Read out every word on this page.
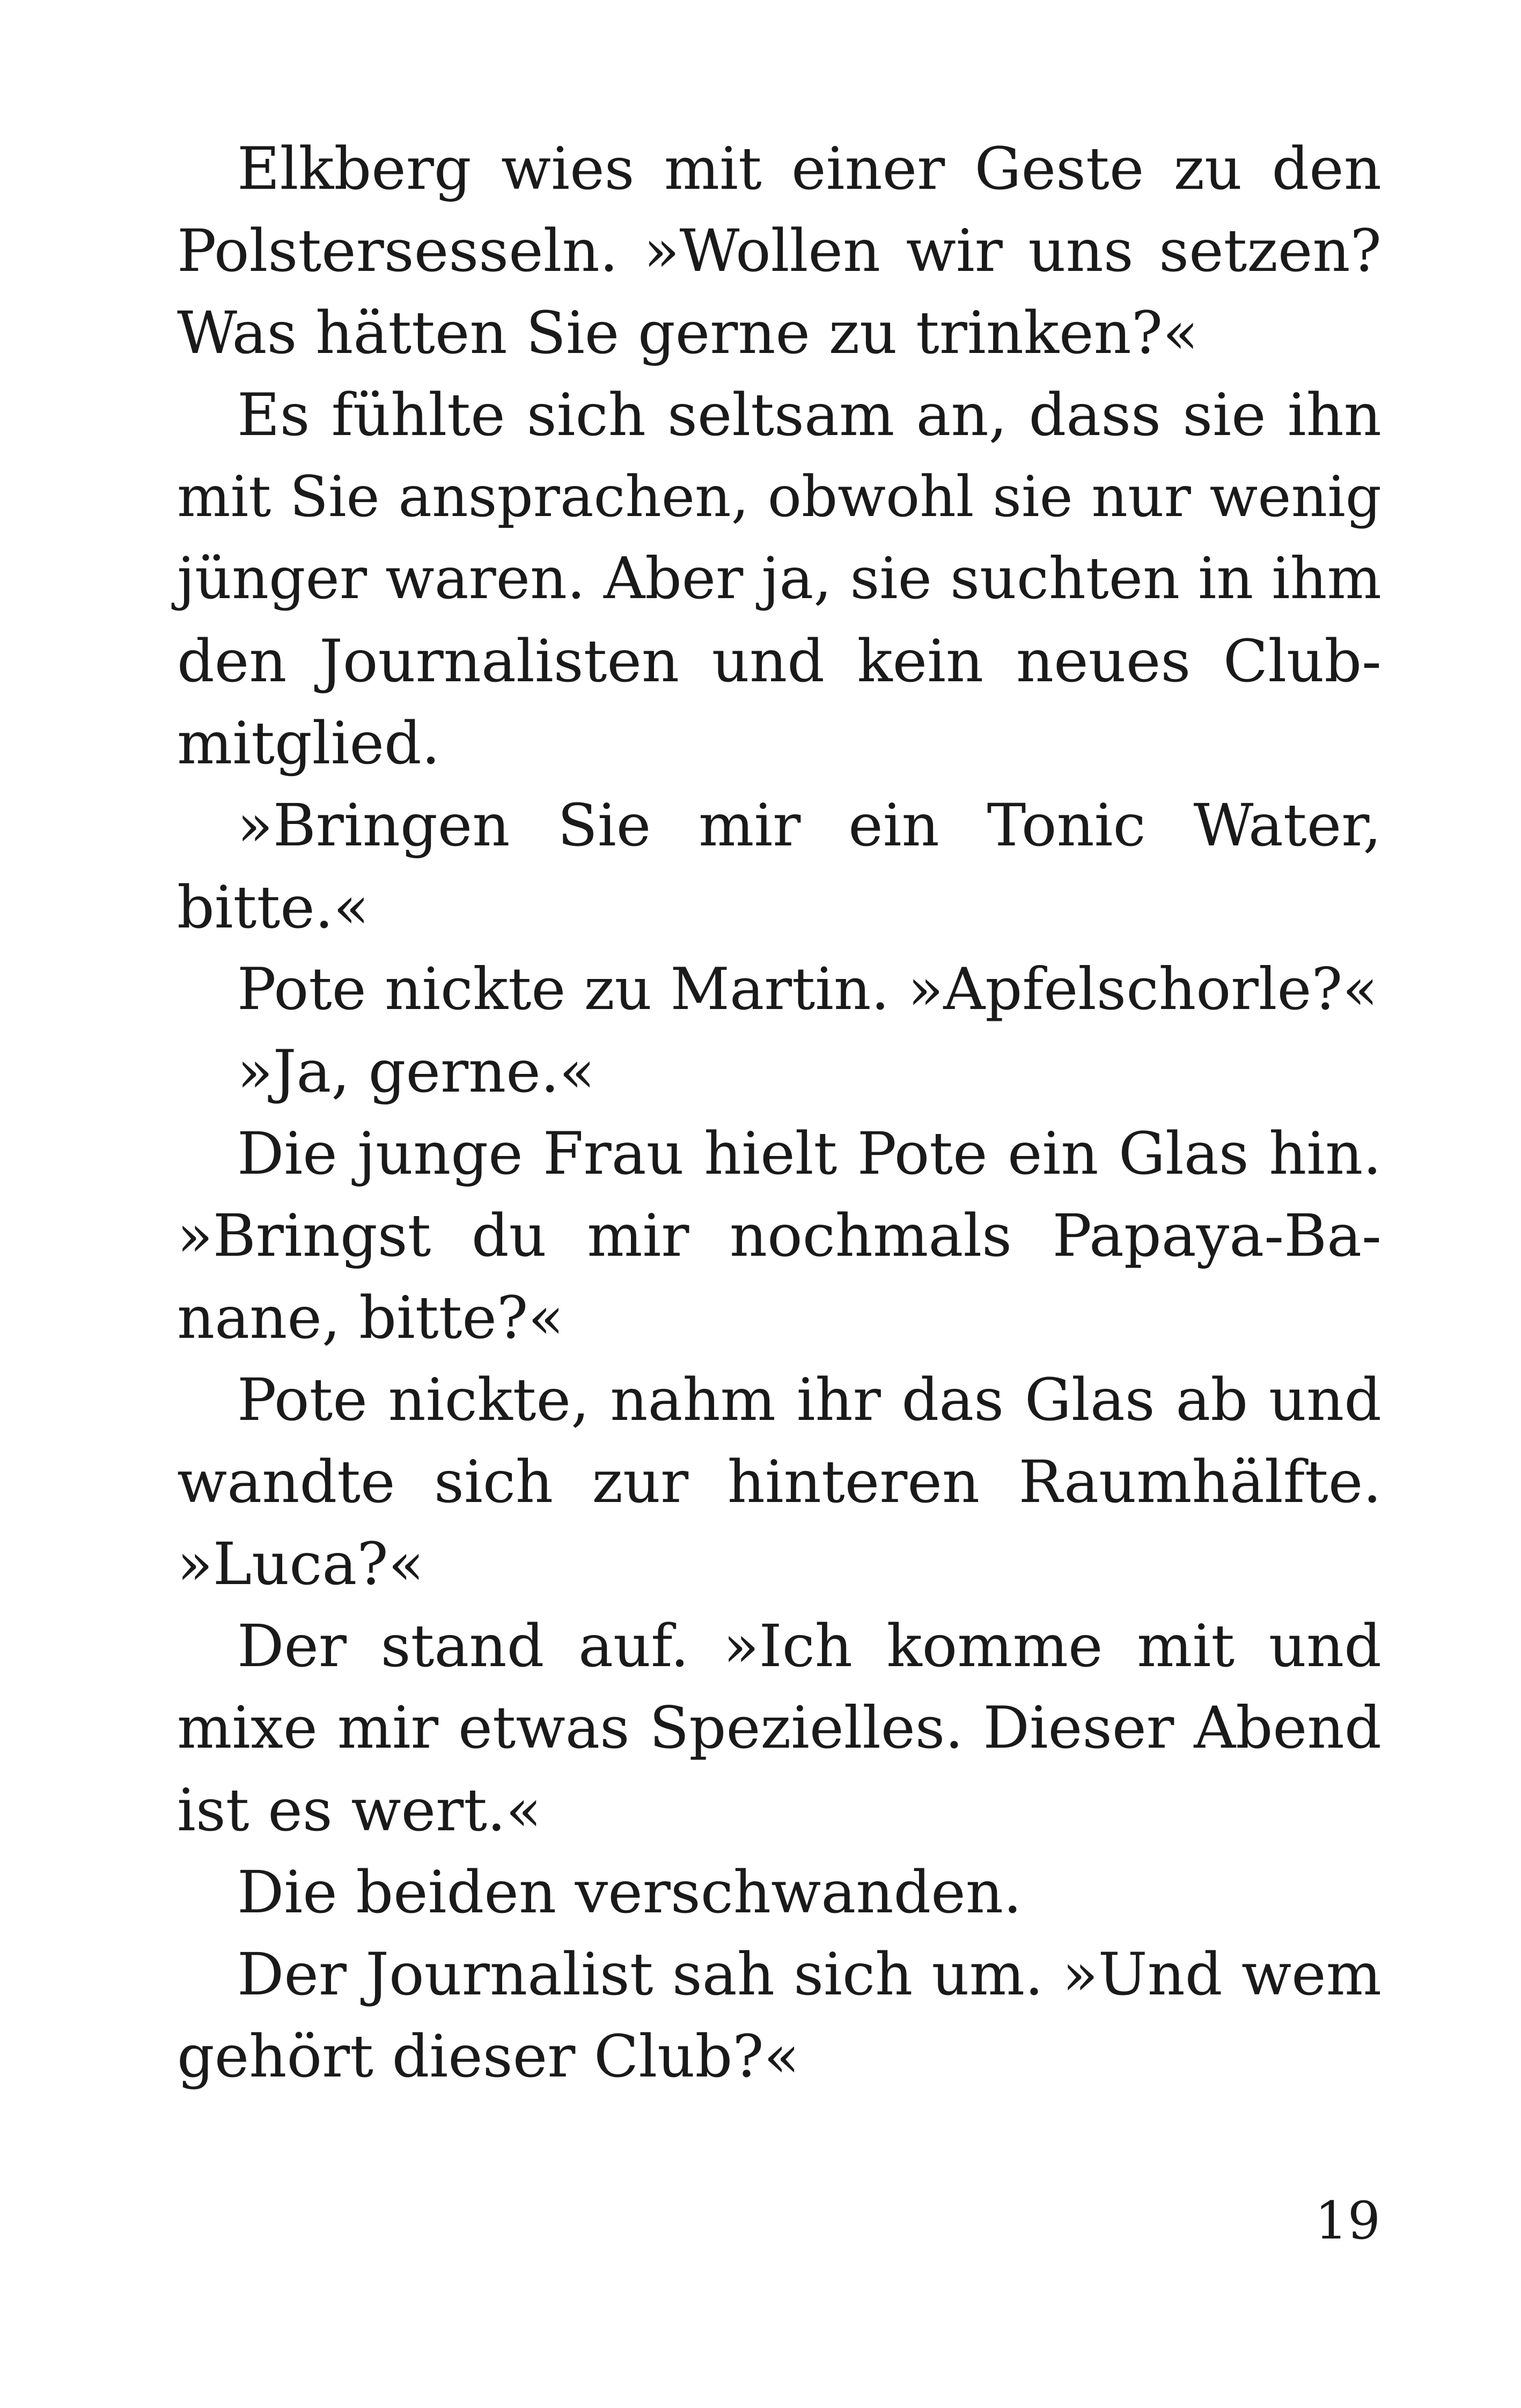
Elkberg wies mit einer Geste zu den
Polstersesseln. »Wollen wir uns setzen?
Was hätten Sie gerne zu trinken?«
Es fühlte sich seltsam an, dass sie ihn
mit Sie ansprachen, obwohl sie nur wenig
jünger waren. Aber ja, sie suchten in ihm
den Journalisten und kein neues Club-
mitglied.
»Bringen Sie mir ein Tonic Water,
bitte.«
Pote nickte zu Martin. »Apfelschorle?«
»Ja, gerne.«
Die junge Frau hielt Pote ein Glas hin.
»Bringst du mir nochmals Papaya-Ba-
nane, bitte?«
Pote nickte, nahm ihr das Glas ab und
wandte sich zur hinteren Raumhälfte.
»Luca?«
Der stand auf. »Ich komme mit und
mixe mir etwas Spezielles. Dieser Abend
ist es wert.«
Die beiden verschwanden.
Der Journalist sah sich um. »Und wem
gehört dieser Club?«
19
